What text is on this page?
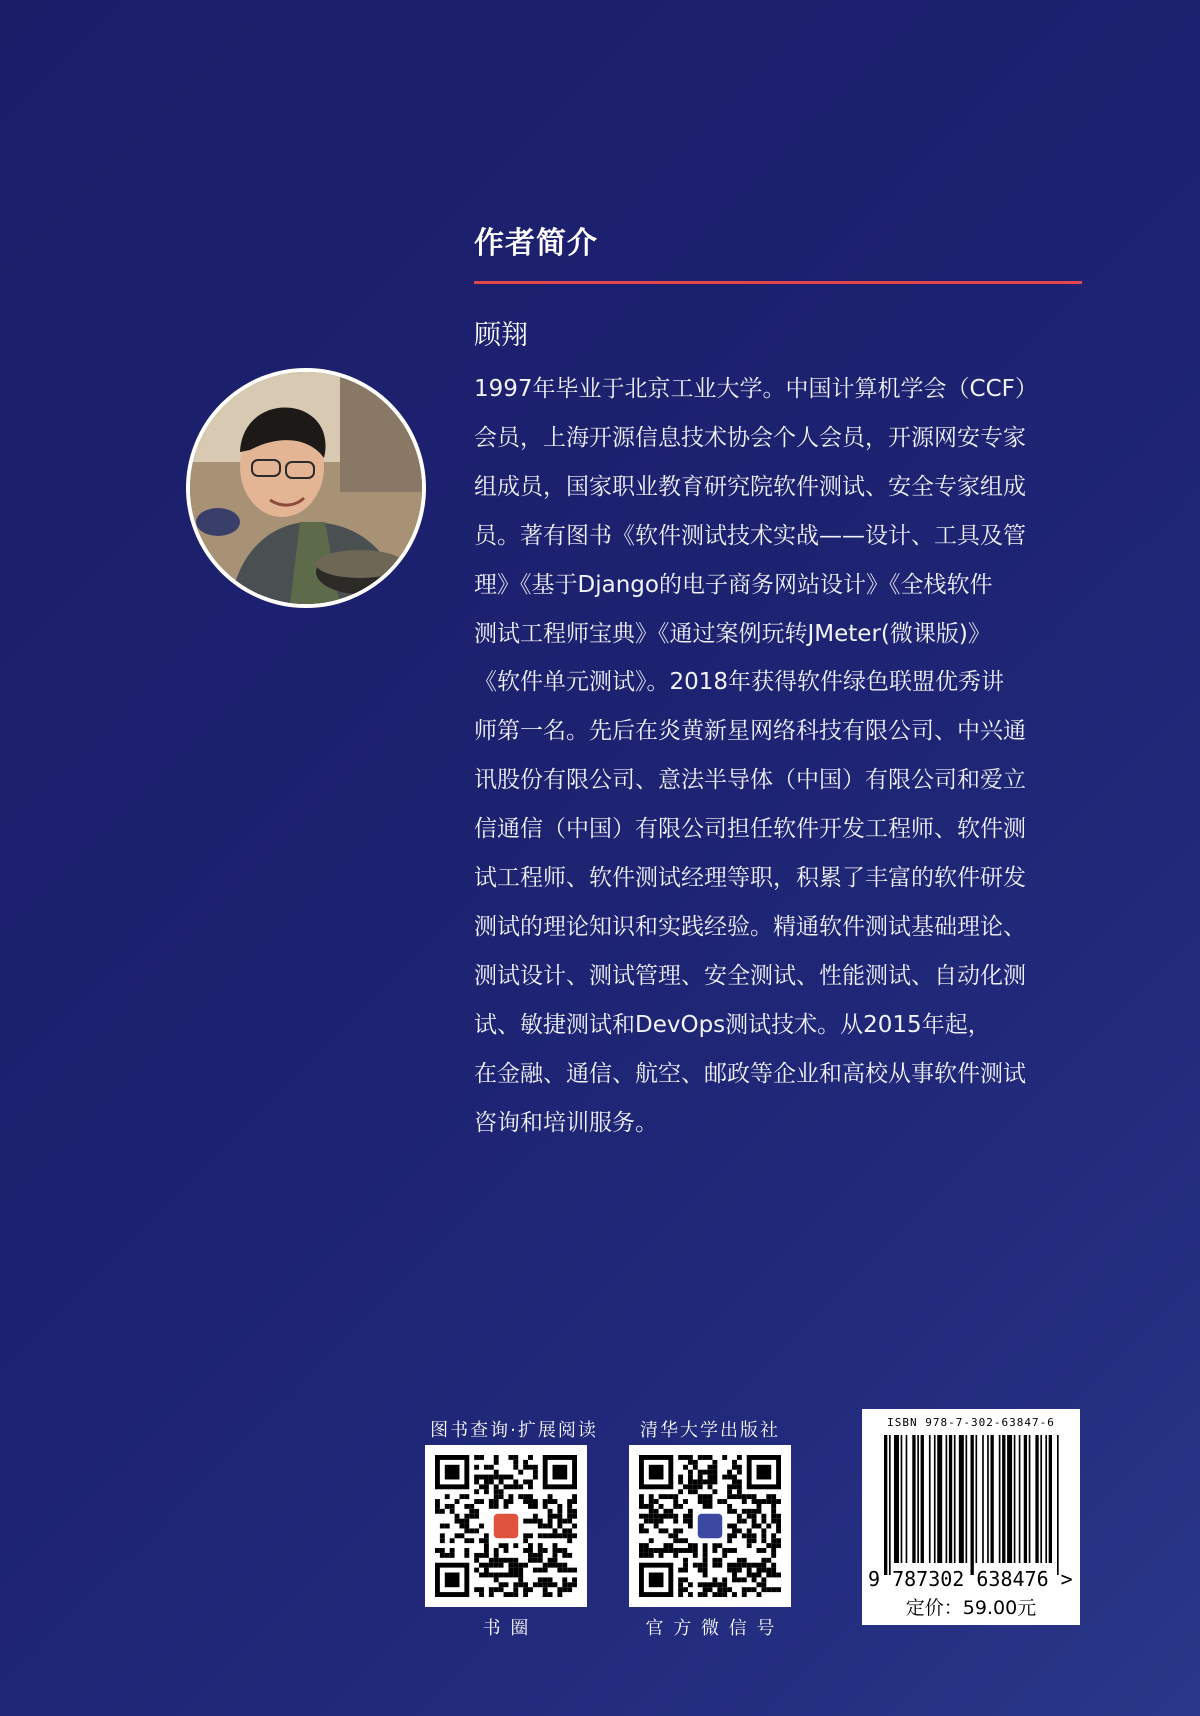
作者简介
顾翔
1997年毕业于北京工业大学。中国计算机学会（CCF）
会员，上海开源信息技术协会个人会员，开源网安专家
组成员，国家职业教育研究院软件测试、安全专家组成
员。著有图书《软件测试技术实战——设计、工具及管
理》《基于Django的电子商务网站设计》《全栈软件
测试工程师宝典》《通过案例玩转JMeter(微课版)》
《软件单元测试》。2018年获得软件绿色联盟优秀讲
师第一名。先后在炎黄新星网络科技有限公司、中兴通
讯股份有限公司、意法半导体（中国）有限公司和爱立
信通信（中国）有限公司担任软件开发工程师、软件测
试工程师、软件测试经理等职，积累了丰富的软件研发
测试的理论知识和实践经验。精通软件测试基础理论、
测试设计、测试管理、安全测试、性能测试、自动化测
试、敏捷测试和DevOps测试技术。从2015年起，
在金融、通信、航空、邮政等企业和高校从事软件测试
咨询和培训服务。
图书查询·扩展阅读
书 圈
清华大学出版社
官 方 微 信 号
ISBN 978-7-302-63847-6
9 787302 638476 >
定价：59.00元
